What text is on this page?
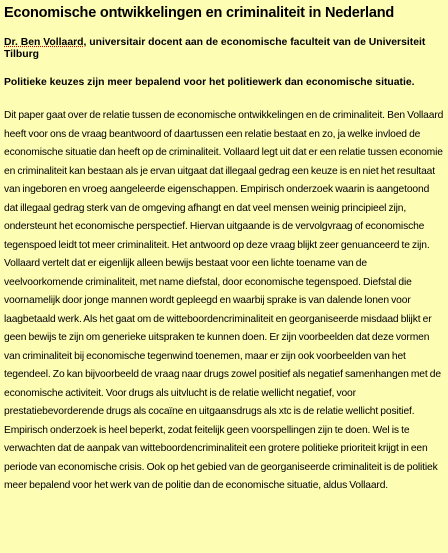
Economische ontwikkelingen en criminaliteit in Nederland

Dr. Ben Vollaard, universitair docent aan de economische faculteit van de Universiteit Tilburg

Politieke keuzes zijn meer bepalend voor het politiewerk dan economische situatie.

Dit paper gaat over de relatie tussen de economische ontwikkelingen en de criminaliteit. Ben Vollaard heeft voor ons de vraag beantwoord of daartussen een relatie bestaat en zo, ja welke invloed de economische situatie dan heeft op de criminaliteit. Vollaard legt uit dat er een relatie tussen economie en criminaliteit kan bestaan als je ervan uitgaat dat illegaal gedrag een keuze is en niet het resultaat van ingeboren en vroeg aangeleerde eigenschappen. Empirisch onderzoek waarin is aangetoond dat illegaal gedrag sterk van de omgeving afhangt en dat veel mensen weinig principieel zijn, ondersteunt het economische perspectief. Hiervan uitgaande is de vervolgvraag of economische tegenspoed leidt tot meer criminaliteit. Het antwoord op deze vraag blijkt zeer genuanceerd te zijn. Vollaard vertelt dat er eigenlijk alleen bewijs bestaat voor een lichte toename van de veelvoorkomende criminaliteit, met name diefstal, door economische tegenspoed. Diefstal die voornamelijk door jonge mannen wordt gepleegd en waarbij sprake is van dalende lonen voor laagbetaald werk. Als het gaat om de witteboordencriminaliteit en georganiseerde misdaad blijkt er geen bewijs te zijn om generieke uitspraken te kunnen doen. Er zijn voorbeelden dat deze vormen van criminaliteit bij economische tegenwind toenemen, maar er zijn ook voorbeelden van het tegendeel. Zo kan bijvoorbeeld de vraag naar drugs zowel positief als negatief samenhangen met de economische activiteit. Voor drugs als uitvlucht is de relatie wellicht negatief, voor prestatiebevorderende drugs als cocaïne en uitgaansdrugs als xtc is de relatie wellicht positief. Empirisch onderzoek is heel beperkt, zodat feitelijk geen voorspellingen zijn te doen. Wel is te verwachten dat de aanpak van witteboordencriminaliteit een grotere politieke prioriteit krijgt in een periode van economische crisis. Ook op het gebied van de georganiseerde criminaliteit is de politiek meer bepalend voor het werk van de politie dan de economische situatie, aldus Vollaard.
